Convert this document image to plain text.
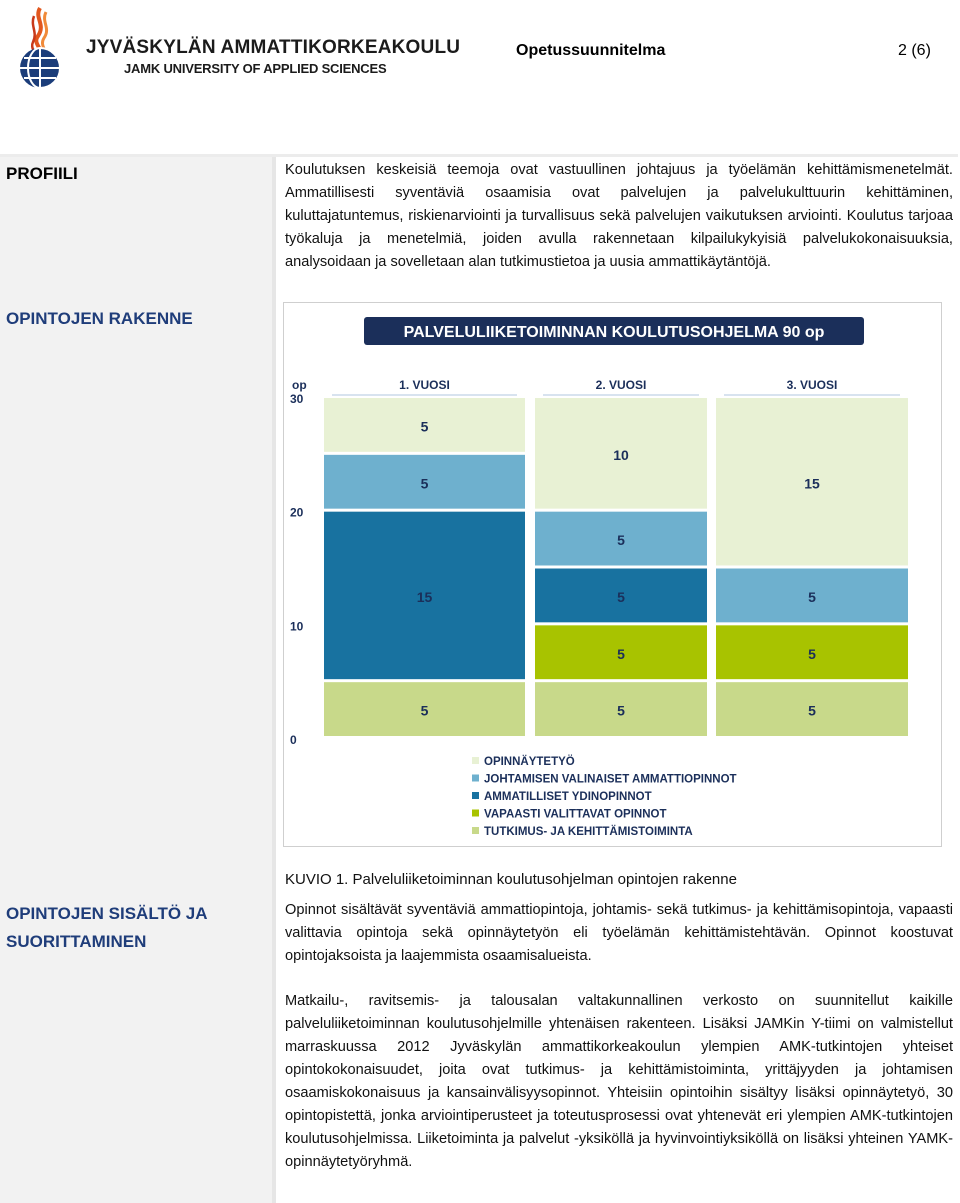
JYVÄSKYLÄN AMMATTIKORKEAKOULU
JAMK UNIVERSITY OF APPLIED SCIENCES
Opetussuunnitelma	2 (6)
PROFIILI
OPINTOJEN RAKENNE
OPINTOJEN SISÄLTÖ JA
SUORITTAMINEN
Koulutuksen keskeisiä teemoja ovat vastuullinen johtajuus ja työelämän kehittämismenetelmät. Ammatillisesti syventäviä osaamisia ovat palvelujen ja palvelukulttuurin kehittäminen, kuluttajatuntemus, riskienarviointi ja turvallisuus sekä palvelujen vaikutuksen arviointi. Koulutus tarjoaa työkaluja ja menetelmiä, joiden avulla rakennetaan kilpailukykyisiä palvelukokonaisuuksia, analysoidaan ja sovelletaan alan tutkimustietoa ja uusia ammattikäytäntöjä.
PALVELULIIKETOIMINNAN KOULUTUSOHJELMA 90 op
op
0
10
20
30
1. VUOSI	2. VUOSI	3. VUOSI
5
15
5
5
5
5
5
5
10
5
5
5
15
OPINNÄYTETYÖ
JOHTAMISEN VALINAISET AMMATTIOPINNOT
AMMATILLISET YDINOPINNOT
VAPAASTI VALITTAVAT OPINNOT
TUTKIMUS- JA KEHITTÄMISTOIMINTA
KUVIO 1. Palveluliiketoiminnan koulutusohjelman opintojen rakenne
Opinnot sisältävät syventäviä ammattiopintoja, johtamis- sekä tutkimus- ja kehittämisopintoja, vapaasti valittavia opintoja sekä opinnäytetyön eli työelämän kehittämistehtävän. Opinnot koostuvat opintojaksoista ja laajemmista osaamisalueista.
Matkailu-, ravitsemis- ja talousalan valtakunnallinen verkosto on suunnitellut kaikille palveluliiketoiminnan koulutusohjelmille yhtenäisen rakenteen. Lisäksi JAMKin Y-tiimi on valmistellut marraskuussa 2012 Jyväskylän ammattikorkeakoulun ylempien AMK-tutkintojen yhteiset opintokokonaisuudet, joita ovat tutkimus- ja kehittämistoiminta, yrittäjyyden ja johtamisen osaamiskokonaisuus ja kansainvälisyysopinnot. Yhteisiin opintoihin sisältyy lisäksi opinnäytetyö, 30 opintopistettä, jonka arviointiperusteet ja toteutusprosessi ovat yhtenevät eri ylempien AMK-tutkintojen koulutusohjelmissa. Liiketoiminta ja palvelut -yksiköllä ja hyvinvointiyksiköllä on lisäksi yhteinen YAMK-opinnäytetyöryhmä.
